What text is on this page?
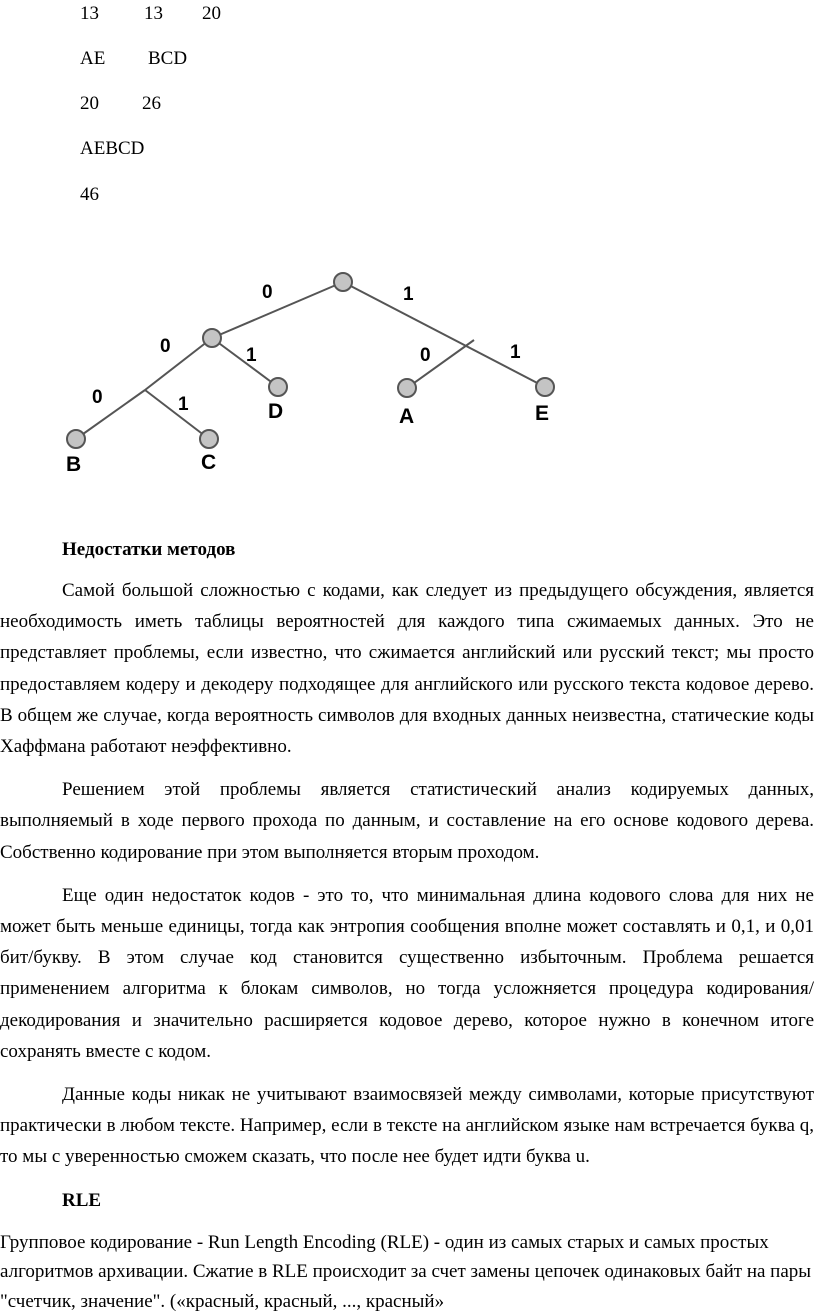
13 13 20
AE BCD
20 26
AEBCD
46
0	1
0	1	0	1
0	1
B	C
D	A	E
Недостатки методов

Самой большой сложностью с кодами, как следует из предыдущего обсуждения, является необходимость иметь таблицы вероятностей для каждого типа сжимаемых данных. Это не представляет проблемы, если известно, что сжимается английский или русский текст; мы просто предоставляем кодеру и декодеру подходящее для английского или русского текста кодовое дерево. В общем же случае, когда вероятность символов для входных данных неизвестна, статические коды Хаффмана работают неэффективно.

Решением этой проблемы является статистический анализ кодируемых данных, выполняемый в ходе первого прохода по данным, и составление на его основе кодового дерева. Собственно кодирование при этом выполняется вторым проходом.

Еще один недостаток кодов - это то, что минимальная длина кодового слова для них не может быть меньше единицы, тогда как энтропия сообщения вполне может составлять и 0,1, и 0,01 бит/букву. В этом случае код становится существенно избыточным. Проблема решается применением алгоритма к блокам символов, но тогда усложняется процедура кодирования/декодирования и значительно расширяется кодовое дерево, которое нужно в конечном итоге сохранять вместе с кодом.

Данные коды никак не учитывают взаимосвязей между символами, которые присутствуют практически в любом тексте. Например, если в тексте на английском языке нам встречается буква q, то мы с уверенностью сможем сказать, что после нее будет идти буква u.

RLE

Групповое кодирование - Run Length Encoding (RLE) - один из самых старых и самых простых алгоритмов архивации. Сжатие в RLE происходит за счет замены цепочек одинаковых байт на пары "счетчик, значение". («красный, красный, ..., красный»
